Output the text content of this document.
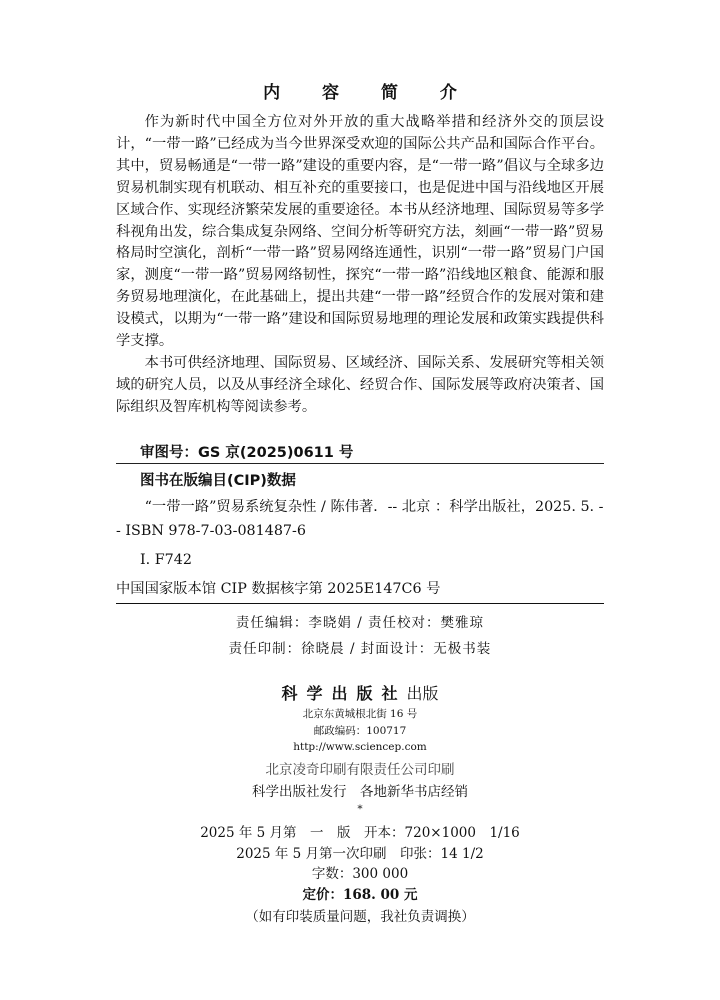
内 容 简 介

作为新时代中国全方位对外开放的重大战略举措和经济外交的顶层设计，“一带一路”已经成为当今世界深受欢迎的国际公共产品和国际合作平台。其中，贸易畅通是“一带一路”建设的重要内容，是“一带一路”倡议与全球多边贸易机制实现有机联动、相互补充的重要接口，也是促进中国与沿线地区开展区域合作、实现经济繁荣发展的重要途径。本书从经济地理、国际贸易等多学科视角出发，综合集成复杂网络、空间分析等研究方法，刻画“一带一路”贸易格局时空演化，剖析“一带一路”贸易网络连通性，识别“一带一路”贸易门户国家，测度“一带一路”贸易网络韧性，探究“一带一路”沿线地区粮食、能源和服务贸易地理演化，在此基础上，提出共建“一带一路”经贸合作的发展对策和建设模式，以期为“一带一路”建设和国际贸易地理的理论发展和政策实践提供科学支撑。

本书可供经济地理、国际贸易、区域经济、国际关系、发展研究等相关领域的研究人员，以及从事经济全球化、经贸合作、国际发展等政府决策者、国际组织及智库机构等阅读参考。

审图号：GS 京(2025)0611 号
图书在版编目(CIP)数据
“一带一路”贸易系统复杂性 / 陈伟著．-- 北京 ：科学出版社，2025. 5. -- ISBN 978-7-03-081487-6
Ⅰ. F742
中国国家版本馆 CIP 数据核字第 2025E147C6 号
责任编辑：李晓娟 / 责任校对：樊雅琼
责任印制：徐晓晨 / 封面设计：无极书装
科学出版社出版
北京东黄城根北街 16 号
邮政编码：100717
http://www.sciencep.com
北京凌奇印刷有限责任公司印刷
科学出版社发行　各地新华书店经销
*
2025 年 5 月第　一　版　开本：720×1000　1/16
2025 年 5 月第一次印刷　印张：14 1/2
字数：300 000
定价：168. 00 元
（如有印装质量问题，我社负责调换）
